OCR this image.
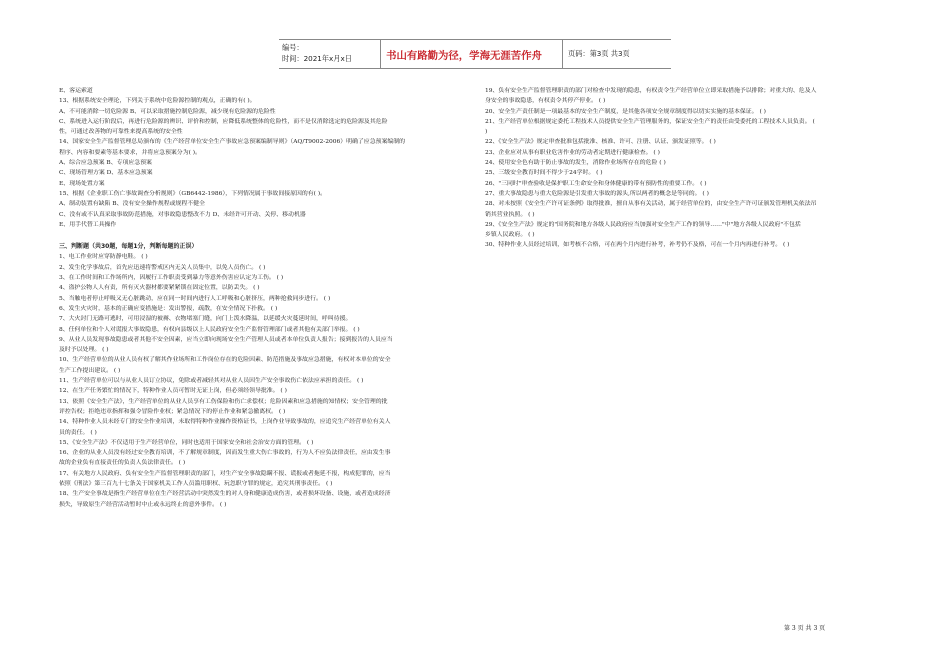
编号：
时间：2021年x月x日	书山有路勤为径，学海无涯苦作舟	页码：第3页 共3页
E、客运索道
13、根据系统安全理论，下列关于系统中危险源控制的观点，正确的有( )。
A、不可能消除一切危险源 B、可以采取措施控制危险源，减少现有危险源的危险性
C、系统进入运行阶段后，再进行危险源的辨识、评价和控制，应降低系统整体的危险性，而不是仅消除选定的危险源及其危险
性，可通过改善物的可靠性来提高系统的安全性
14、国家安全生产监督管理总局颁布的《生产经营单位安全生产事故应急预案编制导则》（AQ/T9002-2006）明确了应急预案编制的
程序、内容和要素等基本要求，并将应急预案分为( )。
A、综合应急预案 B、专项应急预案
C、现场管理方案 D、基本应急预案
E、现场处置方案
15、根据《企业职工伤亡事故调查分析规则》（GB6442-1986），下列情况属于事故间接原因的有( )。
A、制动装置有缺陷 B、没有安全操作规程或规程不健全
C、没有或不认真采取事故防范措施，对事故隐患整改不力 D、未经许可开动、关停、移动机器
E、用手代替工具操作
三、判断题（共30题，每题1分，判断每题的正误）
1、电工作业时应穿防静电鞋。 ( )
2、发生化学事故后，首先应迅速将警戒区内无关人员集中，以免人员伤亡。 ( )
3、在工作时间和工作场所内，因履行工作职责受到暴力等意外伤害应认定为工伤。 ( )
4、盗护公物人人有责，所有灭火器材都要紧紧锁在固定位置，以防丢失。 ( )
5、当触电者停止呼吸又无心脏跳动，应在同一时间内进行人工呼吸和心脏挤压，两种抢救同步进行。 ( )
6、发生火灾时，基本的正确应变措施是：发出警报，疏散，在安全情况下扑救。 ( )
7、大火封门无路可逃时，可用浸湿的被褥、衣物堵塞门缝，向门上泼水降温，以延缓火灾蔓延时间，呼叫待援。
8、任何单位和个人对谎报大事故隐患，有权向县级以上人民政府安全生产监督管理部门或者其他有关部门举报。 ( )
9、从业人员发现事故隐患或者其他不安全因素，应当立即向现场安全生产管理人员或者本单位负责人报告；接到报告的人员应当
及时予以处理。 ( )
10、生产经营单位的从业人员有权了解其作业场所和工作岗位存在的危险因素、防范措施及事故应急措施，有权对本单位的安全
生产工作提出建议。 ( )
11、生产经营单位可以与从业人员订立协议，免除或者减轻其对从业人员因生产安全事故伤亡依法应承担的责任。 ( )
12、在生产任务繁忙的情况下，特种作业人员可暂时无证上岗，但必须经领导批准。 ( )
13、依照《安全生产法》，生产经营单位的从业人员享有工伤保险和伤亡求偿权；危险因素和应急措施的知情权；安全管理的批
评控告权；拒绝违章指挥和强令冒险作业权；紧急情况下的停止作业和紧急撤离权。 ( )
14、特种作业人员未经专门的安全作业培训，未取得特种作业操作资格证书，上岗作业导致事故的，应追究生产经营单位有关人
员的责任。 ( )
15、《安全生产法》不仅适用于生产经营单位，同时也适用于国家安全和社会治安方面的管理。 ( )
16、企业的从业人员没有经过安全教育培训，不了解规章制度，因而发生重大伤亡事故的，行为人不应负法律责任，应由发生事
故的企业负有直接责任的负责人负法律责任。 ( )
17、有关地方人民政府、负有安全生产监督管理职责的部门，对生产安全事故隐瞒不报、谎报或者拖延不报，构成犯罪的，应当
依照《刑法》第三百九十七条关于国家机关工作人员滥用职权、玩忽职守罪的规定，追究其刑事责任。 ( )
18、生产安全事故是指生产经营单位在生产经营活动中突然发生的对人身和健康造成伤害，或者损坏设备、设施，或者造成经济
损失，导致原生产经营活动暂时中止或永远终止的意外事件。 ( )
19、负有安全生产监督管理职责的部门对检查中发现的隐患，有权责令生产经营单位立即采取措施予以排除；对重大的、危及人
身安全的事故隐患，有权责令其停产停业。 ( )
20、安全生产责任制是一项最基本的安全生产制度，是其他各项安全规章制度得以切实实施的基本保证。 ( )
21、生产经营单位根据规定委托工程技术人员提供安全生产管理服务的，保证安全生产的责任由受委托的工程技术人员负责。 (
)
22、《安全生产法》规定审查批准包括批准、核准、许可、注册、认证、颁发证照等。 ( )
23、企业应对从事有职业危害作业的劳动者定期进行健康检查。 ( )
24、使用安全色有助于防止事故的发生，消除作业场所存在的危险 ( )
25、三级安全教育时间不得少于24学时。 ( )
26、"三同时"审查验收是保护职工生命安全和身体健康的带有预防性的重要工作。 ( )
27、重大事故隐患与重大危险源是引发重大事故的源头,所以两者的概念是等同的。 ( )
28、对未按照《安全生产许可证条例》取得批准，擅自从事有关活动，属于经营单位的，由安全生产许可证颁发管理机关依法吊
销其营业执照。 ( )
29、《安全生产法》规定的"国务院和地方各级人民政府应当加强对安全生产工作的领导……"中"地方各级人民政府"不包括
乡镇人民政府。 ( )
30、特种作业人员经过培训，如考核不合格，可在两个月内进行补考，补考仍不及格，可在一个月内再进行补考。 ( )
第 3 页 共 3 页
